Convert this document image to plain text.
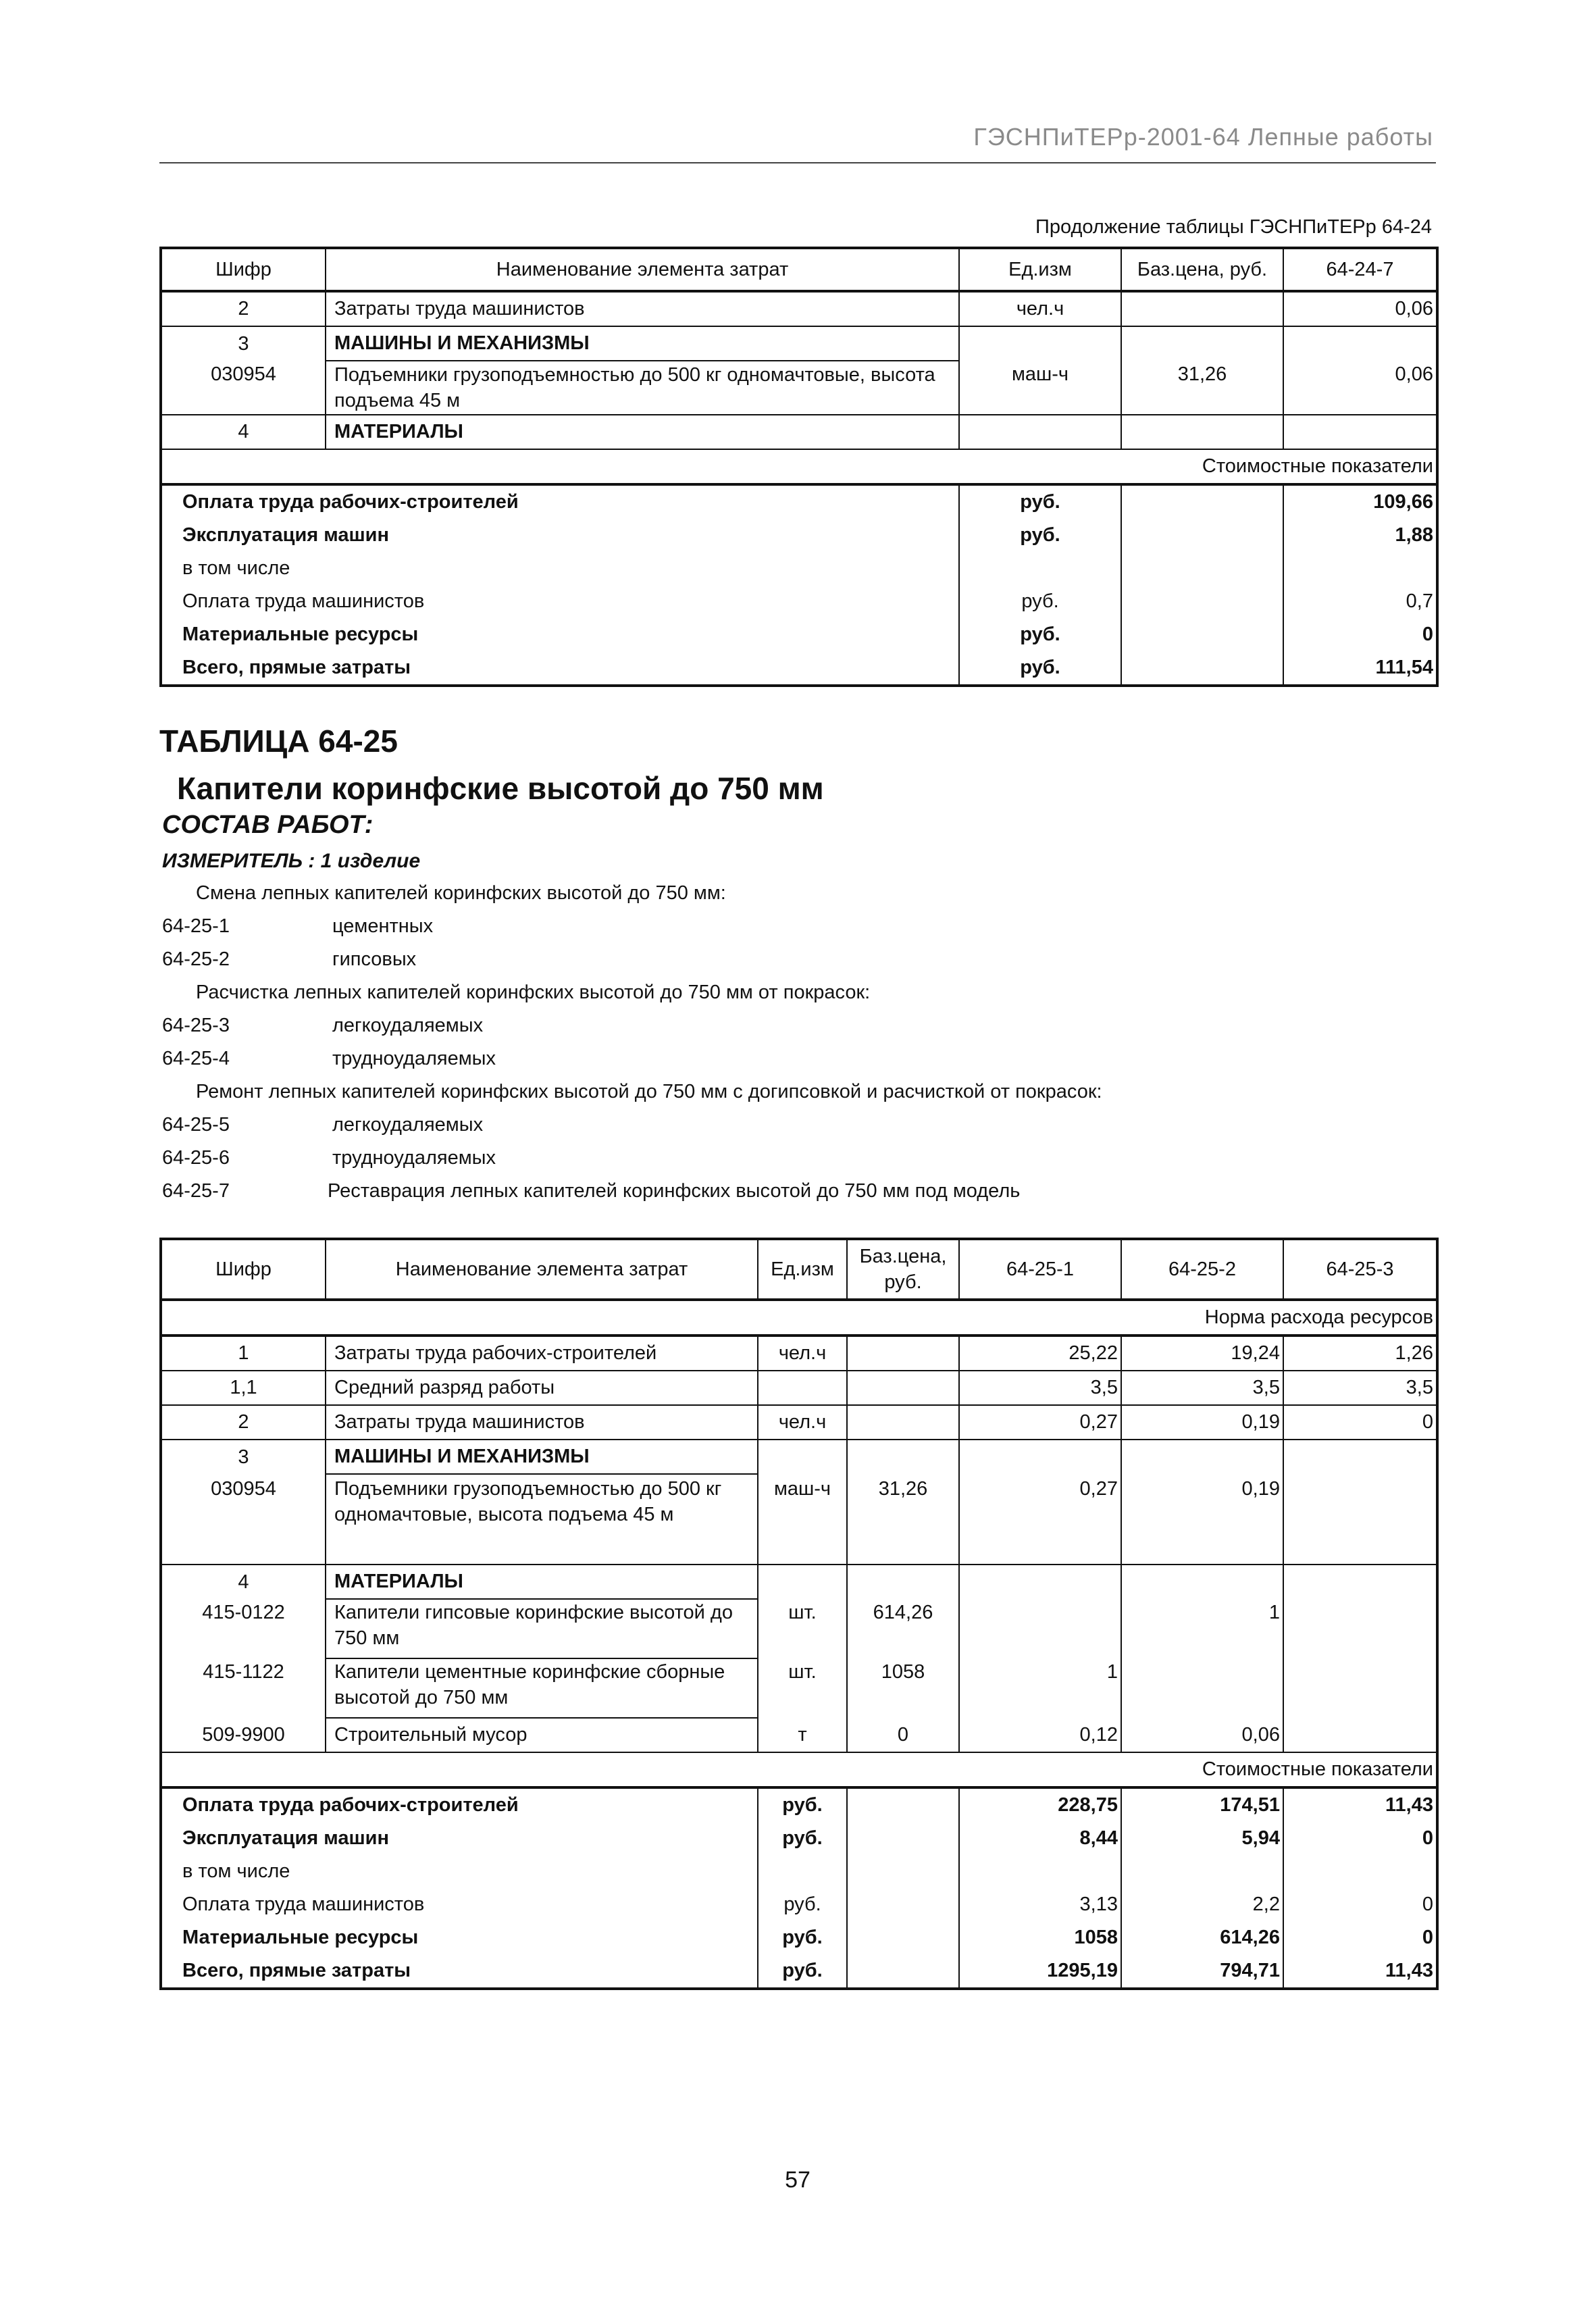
ГЭСНПиТЕРр-2001-64 Лепные работы
Продолжение таблицы ГЭСНПиТЕРр 64-24
Шифр	Наименование элемента затрат	Ед.изм	Баз.цена, руб.	64-24-7
2	Затраты труда машинистов	чел.ч		0,06
3	МАШИНЫ И МЕХАНИЗМЫ			
030954	Подъемники грузоподъемностью до 500 кг одномачтовые, высота подъема 45 м	маш-ч	31,26	0,06
4	МАТЕРИАЛЫ			
Стоимостные показатели				
Оплата труда рабочих-строителей		руб.		109,66
Эксплуатация машин		руб.		1,88
в том числе				
Оплата труда машинистов		руб.		0,7
Материальные ресурсы		руб.		0
Всего, прямые затраты		руб.		111,54
ТАБЛИЦА 64-25
Капители коринфские высотой до 750 мм
СОСТАВ РАБОТ:
ИЗМЕРИТЕЛЬ : 1 изделие
Смена лепных капителей коринфских высотой до 750 мм:
64-25-1	цементных
64-25-2	гипсовых
Расчистка лепных капителей коринфских высотой до 750 мм от покрасок:
64-25-3	легкоудаляемых
64-25-4	трудноудаляемых
Ремонт лепных капителей коринфских высотой до 750 мм с догипсовкой и расчисткой от покрасок:
64-25-5	легкоудаляемых
64-25-6	трудноудаляемых
64-25-7	Реставрация лепных капителей коринфских высотой до 750 мм под модель
Шифр	Наименование элемента затрат	Ед.изм	Баз.цена, руб.	64-25-1	64-25-2	64-25-3
Норма расхода ресурсов						
1	Затраты труда рабочих-строителей	чел.ч		25,22	19,24	1,26
1,1	Средний разряд работы			3,5	3,5	3,5
2	Затраты труда машинистов	чел.ч		0,27	0,19	0
3	МАШИНЫ И МЕХАНИЗМЫ					
030954	Подъемники грузоподъемностью до 500 кг одномачтовые, высота подъема 45 м	маш-ч	31,26	0,27	0,19	
4	МАТЕРИАЛЫ					
415-0122	Капители гипсовые коринфские высотой до 750 мм	шт.	614,26		1	
415-1122	Капители цементные коринфские сборные высотой до 750 мм	шт.	1058	1		
509-9900	Строительный мусор	т	0	0,12	0,06	
Стоимостные показатели						
Оплата труда рабочих-строителей		руб.		228,75	174,51	11,43
Эксплуатация машин		руб.		8,44	5,94	0
в том числе						
Оплата труда машинистов		руб.		3,13	2,2	0
Материальные ресурсы		руб.		1058	614,26	0
Всего, прямые затраты		руб.		1295,19	794,71	11,43
57
